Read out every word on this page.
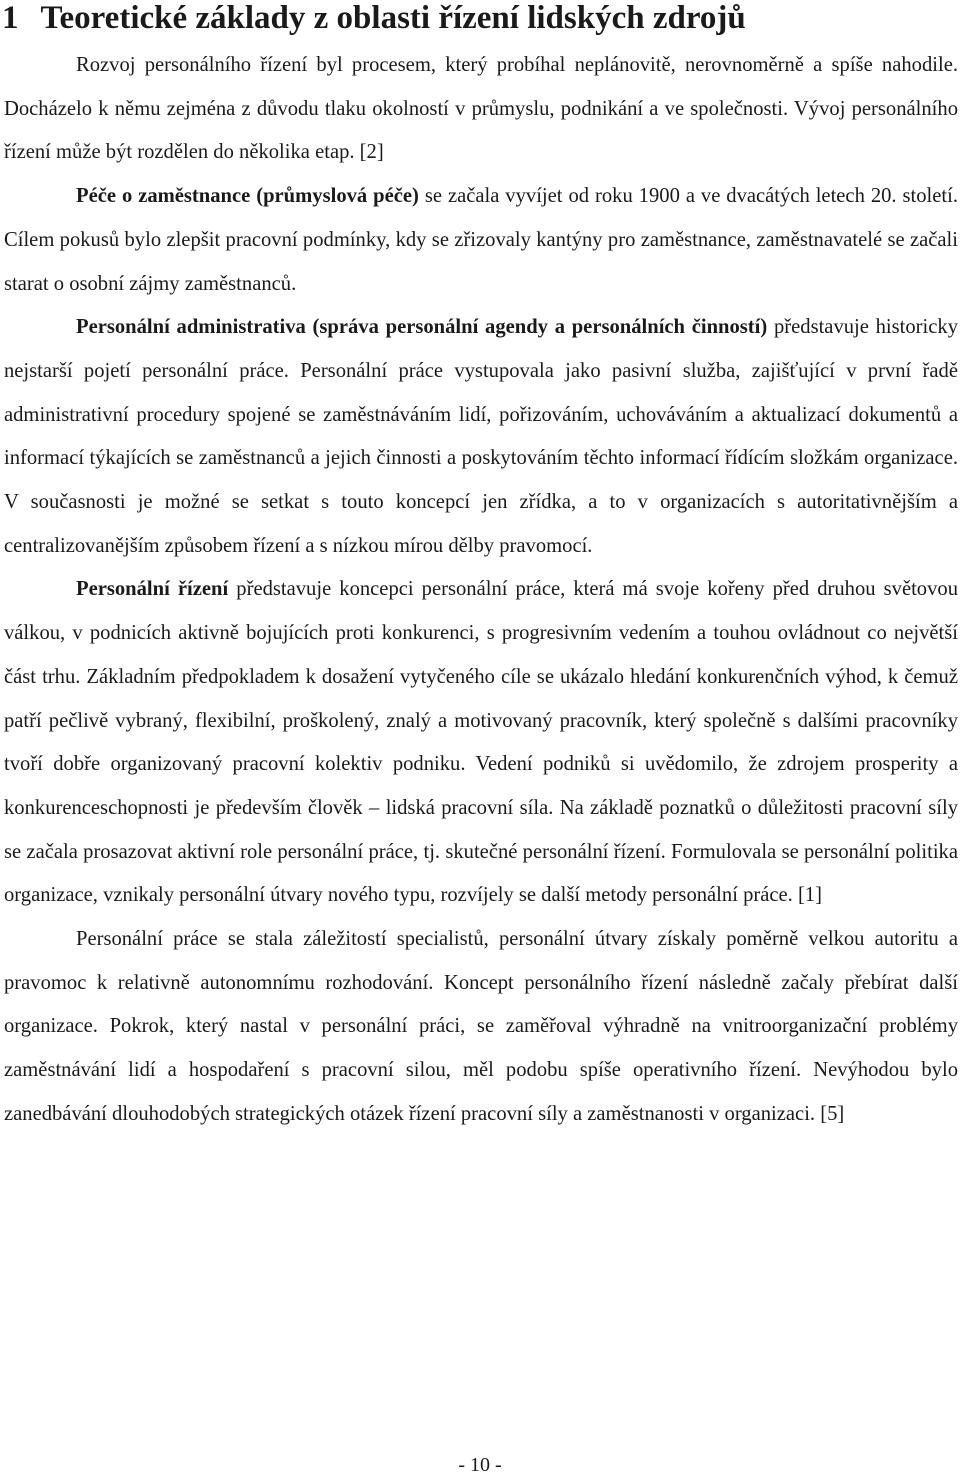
1 Teoretické základy z oblasti řízení lidských zdrojů

Rozvoj personálního řízení byl procesem, který probíhal neplánovitě, nerovnoměrně a spíše nahodile. Docházelo k němu zejména z důvodu tlaku okolností v průmyslu, podnikání a ve společnosti. Vývoj personálního řízení může být rozdělen do několika etap. [2]

Péče o zaměstnance (průmyslová péče) se začala vyvíjet od roku 1900 a ve dvacátých letech 20. století. Cílem pokusů bylo zlepšit pracovní podmínky, kdy se zřizovaly kantýny pro zaměstnance, zaměstnavatelé se začali starat o osobní zájmy zaměstnanců.

Personální administrativa (správa personální agendy a personálních činností) představuje historicky nejstarší pojetí personální práce. Personální práce vystupovala jako pasivní služba, zajišťující v první řadě administrativní procedury spojené se zaměstnáváním lidí, pořizováním, uchováváním a aktualizací dokumentů a informací týkajících se zaměstnanců a jejich činnosti a poskytováním těchto informací řídícím složkám organizace. V současnosti je možné se setkat s touto koncepcí jen zřídka, a to v organizacích s autoritativnějším a centralizovanějším způsobem řízení a s nízkou mírou dělby pravomocí.

Personální řízení představuje koncepci personální práce, která má svoje kořeny před druhou světovou válkou, v podnicích aktivně bojujících proti konkurenci, s progresivním vedením a touhou ovládnout co největší část trhu. Základním předpokladem k dosažení vytyčeného cíle se ukázalo hledání konkurenčních výhod, k čemuž patří pečlivě vybraný, flexibilní, proškolený, znalý a motivovaný pracovník, který společně s dalšími pracovníky tvoří dobře organizovaný pracovní kolektiv podniku. Vedení podniků si uvědomilo, že zdrojem prosperity a konkurenceschopnosti je především člověk – lidská pracovní síla. Na základě poznatků o důležitosti pracovní síly se začala prosazovat aktivní role personální práce, tj. skutečné personální řízení. Formulovala se personální politika organizace, vznikaly personální útvary nového typu, rozvíjely se další metody personální práce. [1]

Personální práce se stala záležitostí specialistů, personální útvary získaly poměrně velkou autoritu a pravomoc k relativně autonomnímu rozhodování. Koncept personálního řízení následně začaly přebírat další organizace. Pokrok, který nastal v personální práci, se zaměřoval výhradně na vnitroorganizační problémy zaměstnávání lidí a hospodaření s pracovní silou, měl podobu spíše operativního řízení. Nevýhodou bylo zanedbávání dlouhodobých strategických otázek řízení pracovní síly a zaměstnanosti v organizaci. [5]

- 10 -
